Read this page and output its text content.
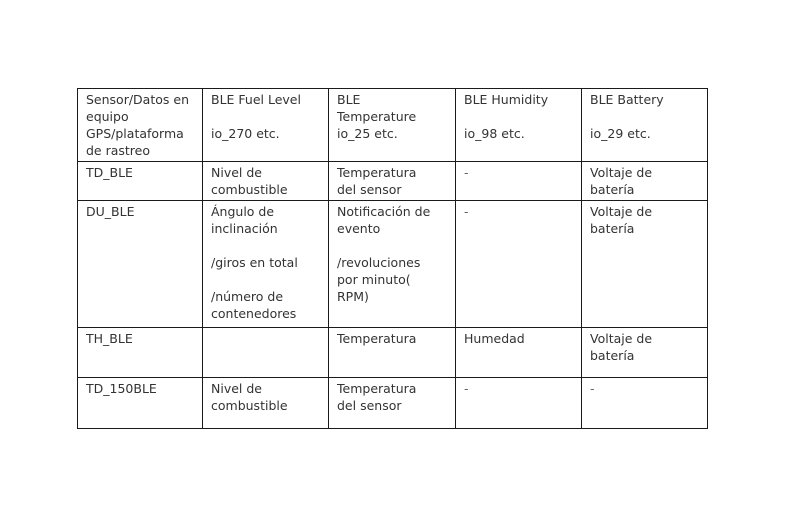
Sensor/Datos en
equipo
GPS/plataforma
de rastreo	BLE Fuel Level
io_270 etc.	BLE
Temperature
io_25 etc.	BLE Humidity
io_98 etc.	BLE Battery
io_29 etc.

TD_BLE	Nivel de
combustible	Temperatura
del sensor	-	Voltaje de
batería

DU_BLE	Ángulo de
inclinación
/giros en total
/número de
contenedores	Notificación de
evento
/revoluciones
por minuto(
RPM)	-	Voltaje de
batería

TH_BLE		Temperatura	Humedad	Voltaje de
batería

TD_150BLE	Nivel de
combustible	Temperatura
del sensor	-	-
